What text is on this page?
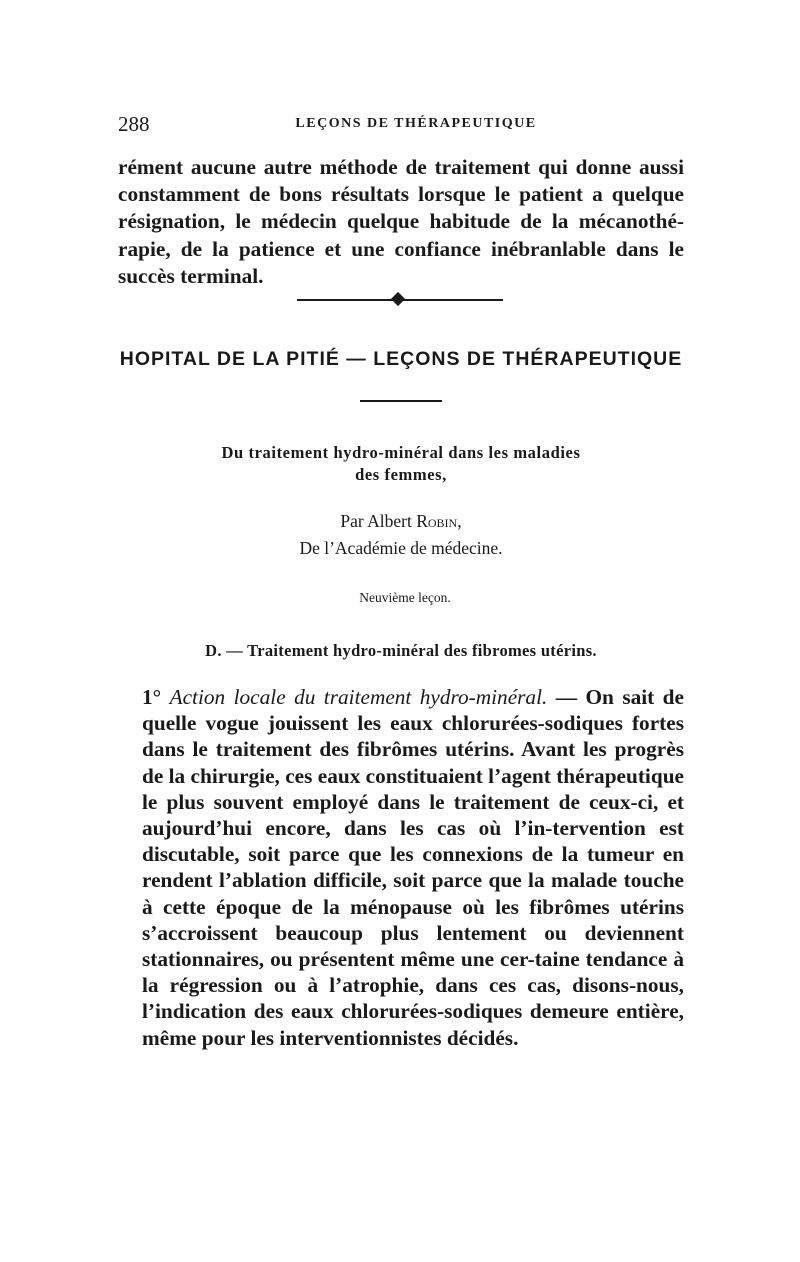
288	LEÇONS DE THÉRAPEUTIQUE

rément aucune autre méthode de traitement qui donne aussi constamment de bons résultats lorsque le patient a quelque résignation, le médecin quelque habitude de la mécanothé-rapie, de la patience et une confiance inébranlable dans le succès terminal.

HOPITAL DE LA PITIÉ — LEÇONS DE THÉRAPEUTIQUE
Du traitement hydro-minéral dans les maladies
des femmes,
Par Albert Robin,
De l’Académie de médecine.
Neuvième leçon.
D. — Traitement hydro-minéral des fibromes utérins.

1° Action locale du traitement hydro-minéral. — On sait de quelle vogue jouissent les eaux chlorurées-sodiques fortes dans le traitement des fibrômes utérins. Avant les progrès de la chirurgie, ces eaux constituaient l’agent thérapeutique le plus souvent employé dans le traitement de ceux-ci, et aujourd’hui encore, dans les cas où l’in-tervention est discutable, soit parce que les connexions de la tumeur en rendent l’ablation difficile, soit parce que la malade touche à cette époque de la ménopause où les fibrômes utérins s’accroissent beaucoup plus lentement ou deviennent stationnaires, ou présentent même une cer-taine tendance à la régression ou à l’atrophie, dans ces cas, disons-nous, l’indication des eaux chlorurées-sodiques demeure entière, même pour les interventionnistes décidés.
